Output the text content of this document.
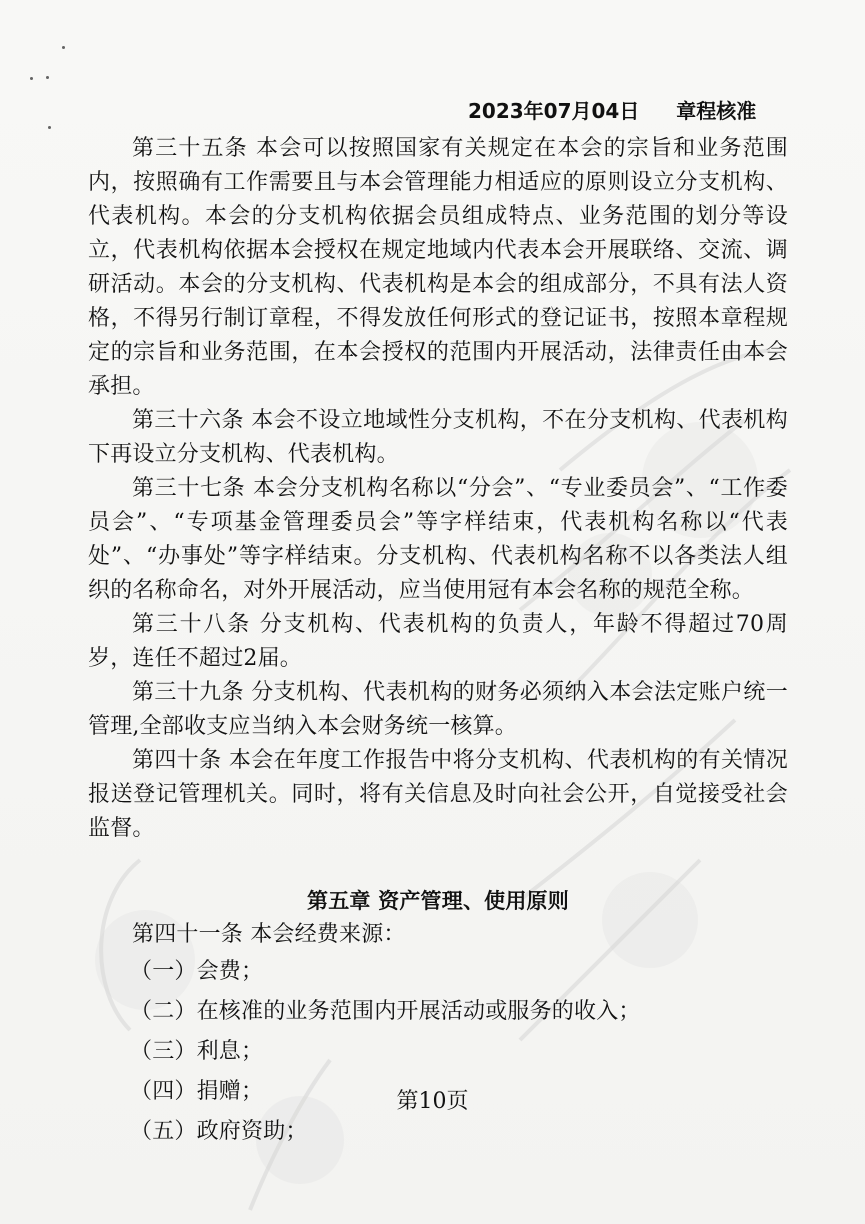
2023年07月04日 章程核准

第三十五条 本会可以按照国家有关规定在本会的宗旨和业务范围内，按照确有工作需要且与本会管理能力相适应的原则设立分支机构、代表机构。本会的分支机构依据会员组成特点、业务范围的划分等设立，代表机构依据本会授权在规定地域内代表本会开展联络、交流、调研活动。本会的分支机构、代表机构是本会的组成部分，不具有法人资格，不得另行制订章程，不得发放任何形式的登记证书，按照本章程规定的宗旨和业务范围，在本会授权的范围内开展活动，法律责任由本会承担。

第三十六条 本会不设立地域性分支机构，不在分支机构、代表机构下再设立分支机构、代表机构。

第三十七条 本会分支机构名称以“分会”、“专业委员会”、“工作委员会”、“专项基金管理委员会”等字样结束，代表机构名称以“代表处”、“办事处”等字样结束。分支机构、代表机构名称不以各类法人组织的名称命名，对外开展活动，应当使用冠有本会名称的规范全称。

第三十八条 分支机构、代表机构的负责人，年龄不得超过70周岁，连任不超过2届。

第三十九条 分支机构、代表机构的财务必须纳入本会法定账户统一管理,全部收支应当纳入本会财务统一核算。

第四十条 本会在年度工作报告中将分支机构、代表机构的有关情况报送登记管理机关。同时，将有关信息及时向社会公开，自觉接受社会监督。

第五章 资产管理、使用原则

第四十一条 本会经费来源：

（一）会费；

（二）在核准的业务范围内开展活动或服务的收入；

（三）利息；

（四）捐赠；

（五）政府资助；

第10页
